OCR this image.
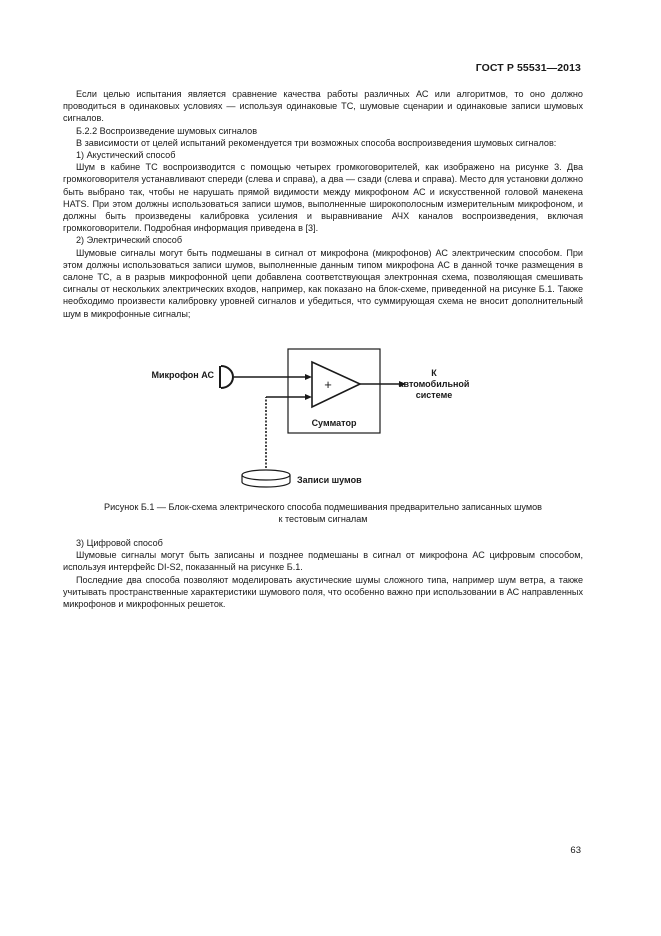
ГОСТ Р 55531—2013

Если целью испытания является сравнение качества работы различных АС или алгоритмов, то оно должно проводиться в одинаковых условиях — используя одинаковые ТС, шумовые сценарии и одинаковые записи шумовых сигналов.

Б.2.2 Воспроизведение шумовых сигналов

В зависимости от целей испытаний рекомендуется три возможных способа воспроизведения шумовых сигналов:

1) Акустический способ

Шум в кабине ТС воспроизводится с помощью четырех громкоговорителей, как изображено на рисунке 3. Два громкоговорителя устанавливают спереди (слева и справа), а два — сзади (слева и справа). Место для установки должно быть выбрано так, чтобы не нарушать прямой видимости между микрофоном АС и искусственной головой манекена HATS. При этом должны использоваться записи шумов, выполненные широкополосным измерительным микрофоном, и должны быть произведены калибровка усиления и выравнивание АЧХ каналов воспроизведения, включая громкоговорители. Подробная информация приведена в [3].

2) Электрический способ

Шумовые сигналы могут быть подмешаны в сигнал от микрофона (микрофонов) АС электрическим способом. При этом должны использоваться записи шумов, выполненные данным типом микрофона АС в данной точке размещения в салоне ТС, а в разрыв микрофонной цепи добавлена соответствующая электронная схема, позволяющая смешивать сигналы от нескольких электрических входов, например, как показано на блок-схеме, приведенной на рисунке Б.1. Также необходимо произвести калибровку уровней сигналов и убедиться, что суммирующая схема не вносит дополнительный шум в микрофонные сигналы;

Микрофон АС
+
Сумматор
К
автомобильной
системе
Записи шумов
Рисунок Б.1 — Блок-схема электрического способа подмешивания предварительно записанных шумов
к тестовым сигналам

3) Цифровой способ

Шумовые сигналы могут быть записаны и позднее подмешаны в сигнал от микрофона АС цифровым способом, используя интерфейс DI-S2, показанный на рисунке Б.1.

Последние два способа позволяют моделировать акустические шумы сложного типа, например шум ветра, а также учитывать пространственные характеристики шумового поля, что особенно важно при использовании в АС направленных микрофонов и микрофонных решеток.

63
